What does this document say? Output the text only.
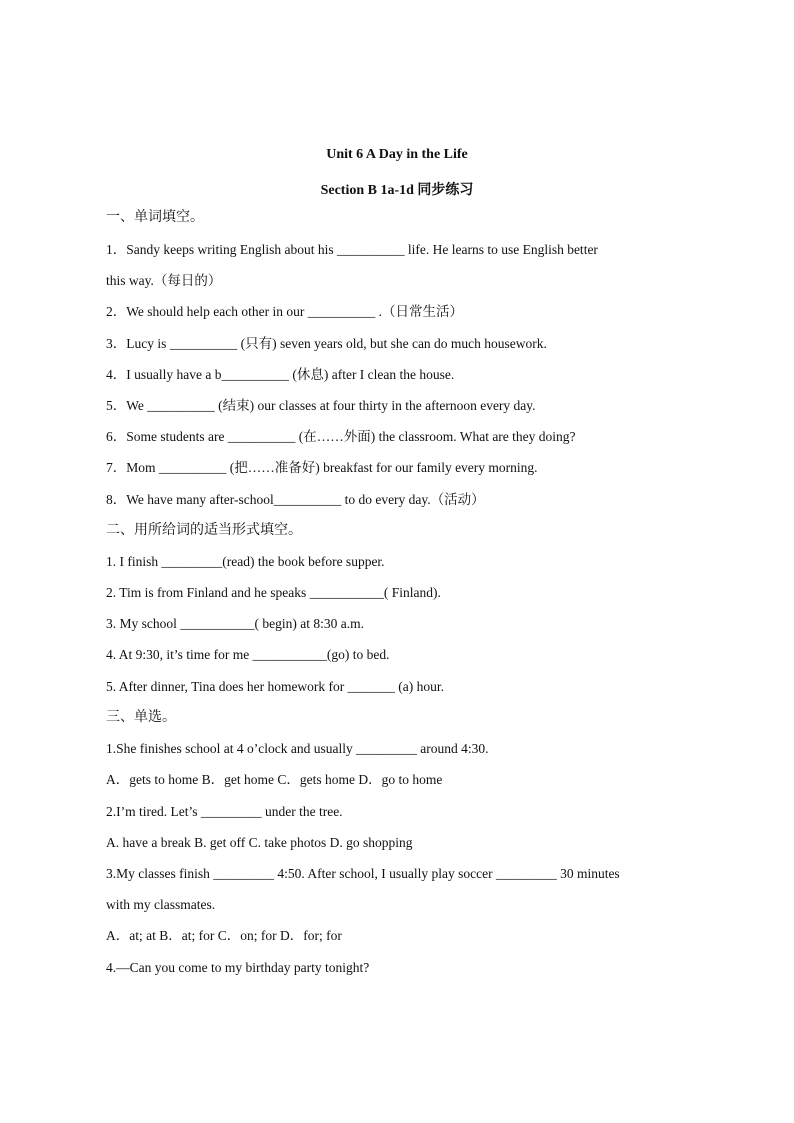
Unit 6 A Day in the Life
Section B 1a-1d 同步练习
一、单词填空。
1．Sandy keeps writing English about his __________ life. He learns to use English better
this way.（每日的）
2．We should help each other in our __________ .（日常生活）
3．Lucy is __________ (只有) seven years old, but she can do much housework.
4．I usually have a b__________ (休息) after I clean the house.
5．We __________ (结束) our classes at four thirty in the afternoon every day.
6．Some students are __________ (在……外面) the classroom. What are they doing?
7．Mom __________ (把……准备好) breakfast for our family every morning.
8．We have many after-school__________ to do every day.（活动）
二、用所给词的适当形式填空。
1. I finish _________(read) the book before supper.
2. Tim is from Finland and he speaks ___________( Finland).
3. My school ___________( begin) at 8:30 a.m.
4. At 9:30, it’s time for me ___________(go) to bed.
5. After dinner, Tina does her homework for _______ (a) hour.
三、单选。
1.She finishes school at 4 o’clock and usually _________ around 4:30.
A．gets to home B．get home C．gets home D．go to home
2.I’m tired. Let’s _________ under the tree.
A. have a break B. get off C. take photos D. go shopping
3.My classes finish _________ 4:50. After school, I usually play soccer _________ 30 minutes
with my classmates.
A．at; at B．at; for C．on; for D．for; for
4.—Can you come to my birthday party tonight?
